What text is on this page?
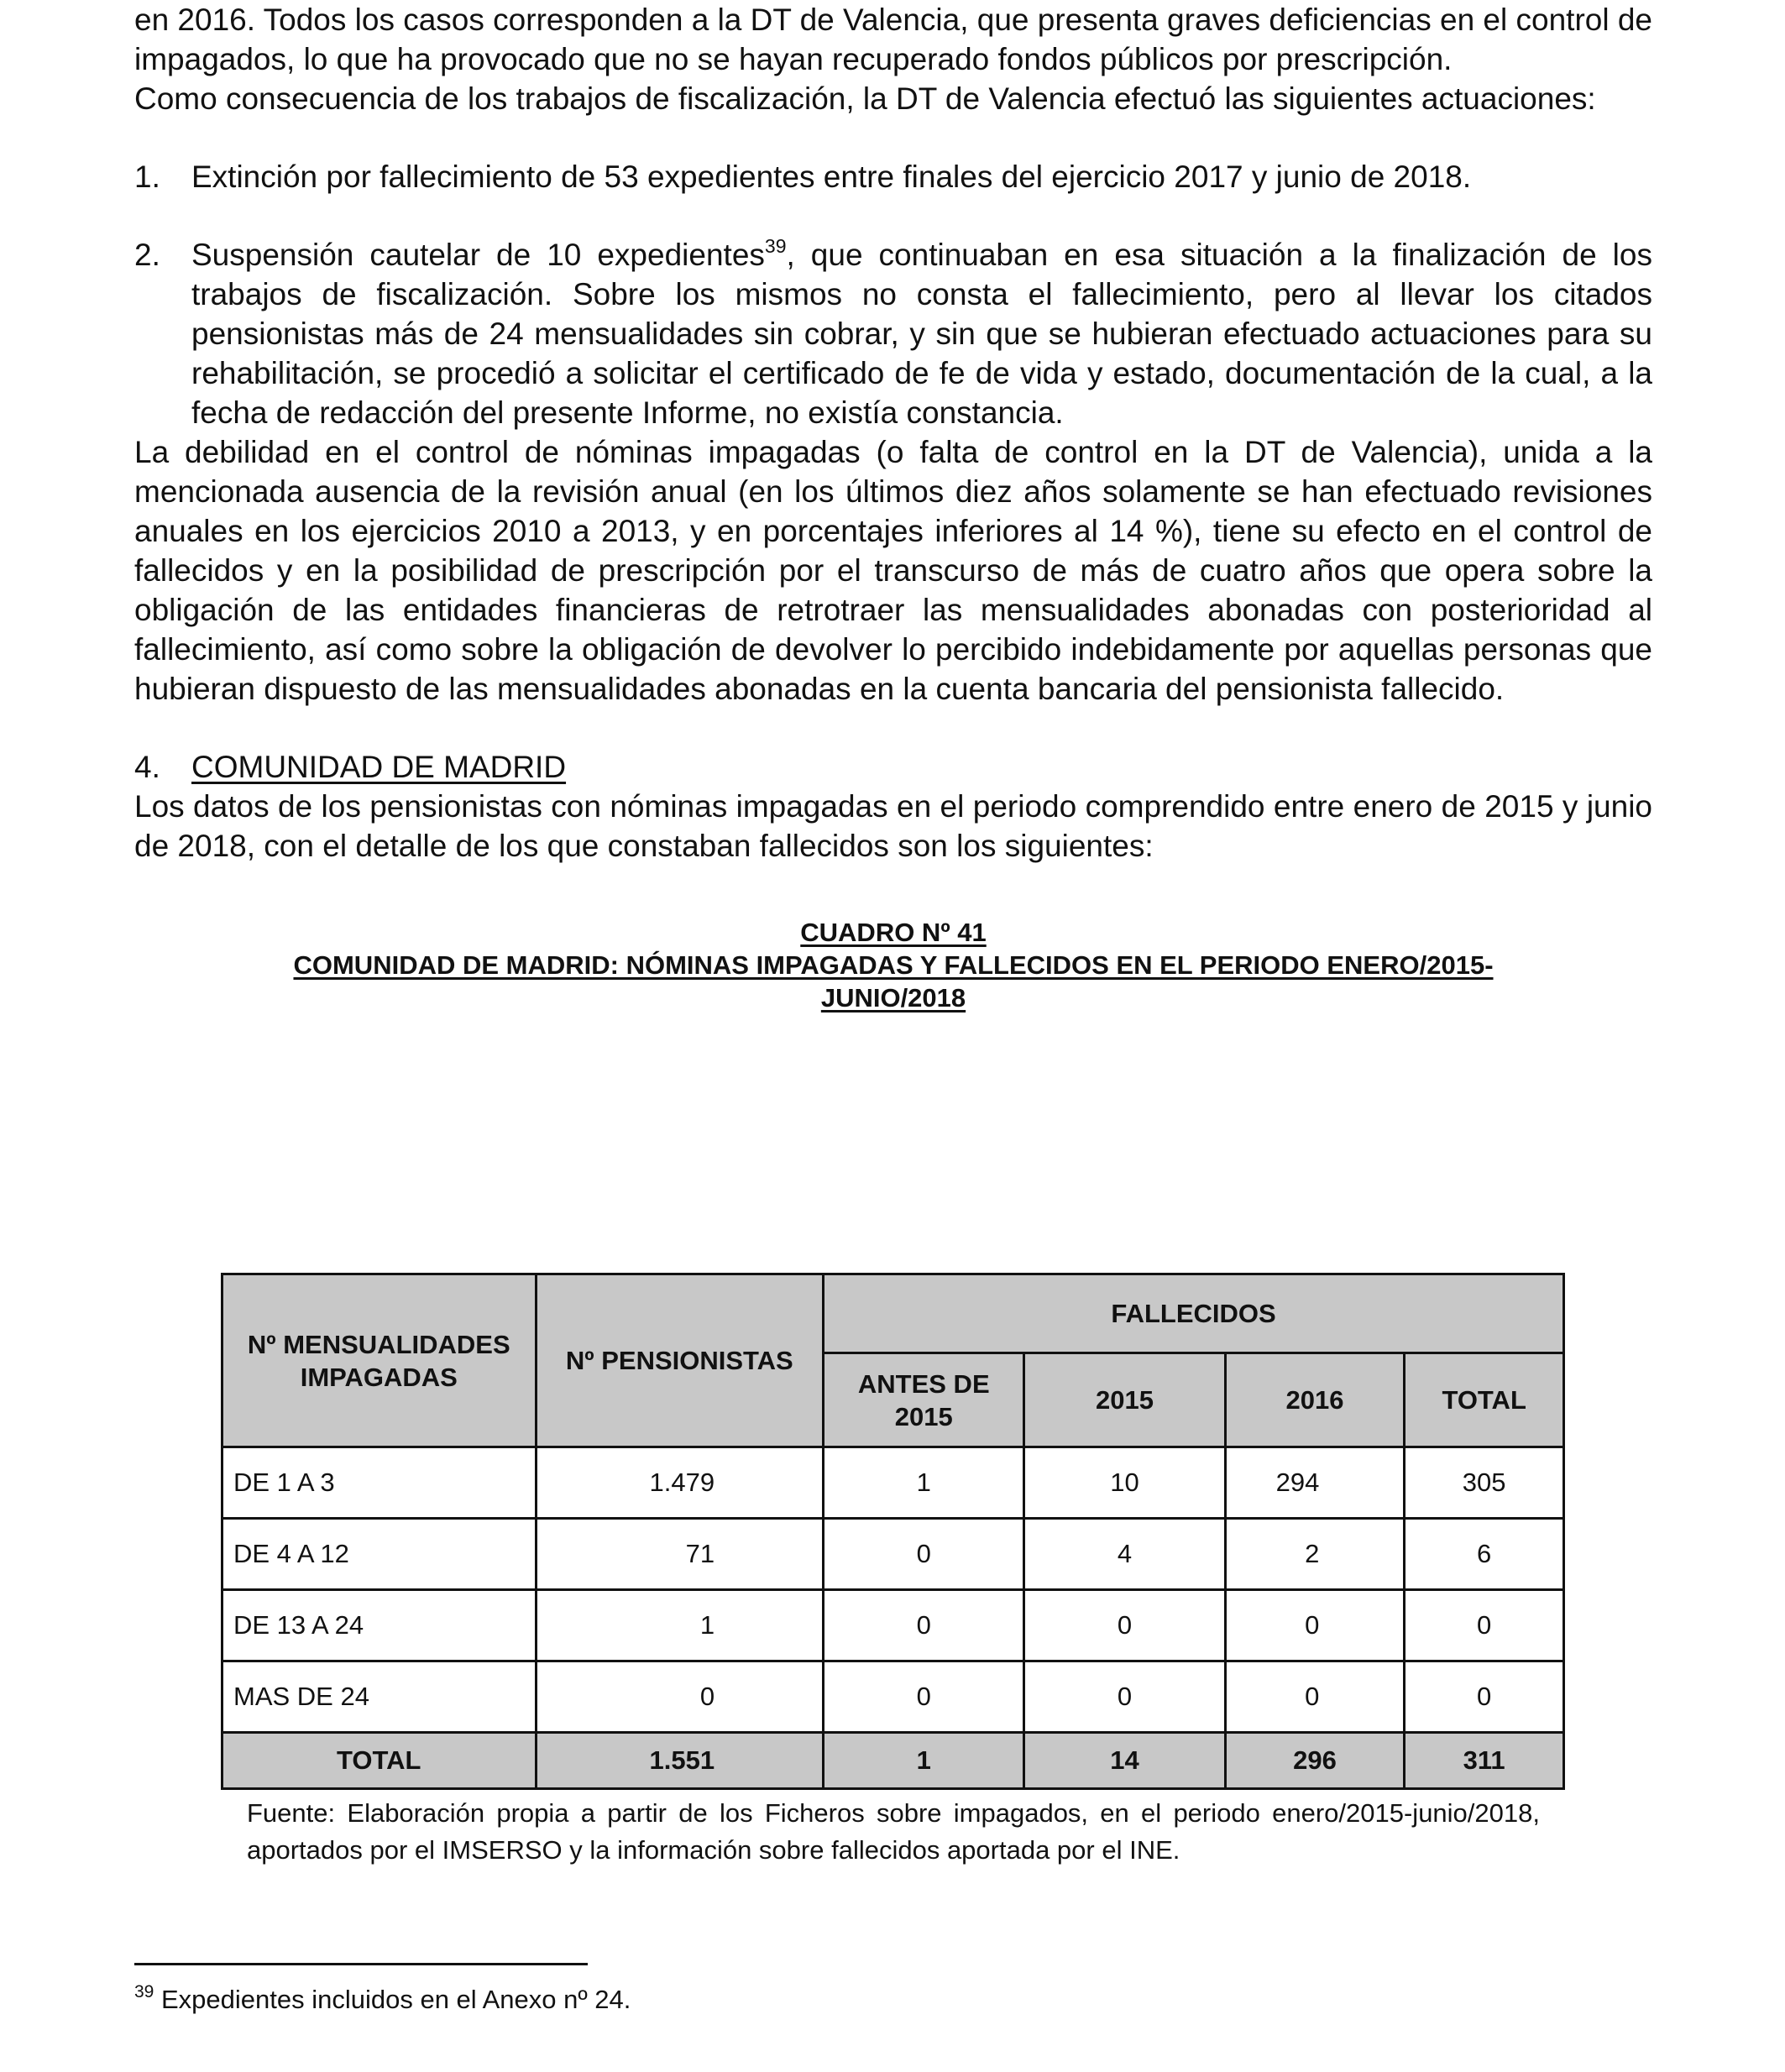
en 2016. Todos los casos corresponden a la DT de Valencia, que presenta graves deficiencias en el control de impagados, lo que ha provocado que no se hayan recuperado fondos públicos por prescripción.

Como consecuencia de los trabajos de fiscalización, la DT de Valencia efectuó las siguientes actuaciones:

1.	Extinción por fallecimiento de 53 expedientes entre finales del ejercicio 2017 y junio de 2018.
2.	Suspensión cautelar de 10 expedientes$^{39}$, que continuaban en esa situación a la finalización de los trabajos de fiscalización. Sobre los mismos no consta el fallecimiento, pero al llevar los citados pensionistas más de 24 mensualidades sin cobrar, y sin que se hubieran efectuado actuaciones para su rehabilitación, se procedió a solicitar el certificado de fe de vida y estado, documentación de la cual, a la fecha de redacción del presente Informe, no existía constancia.

La debilidad en el control de nóminas impagadas (o falta de control en la DT de Valencia), unida a la mencionada ausencia de la revisión anual (en los últimos diez años solamente se han efectuado revisiones anuales en los ejercicios 2010 a 2013, y en porcentajes inferiores al 14 %), tiene su efecto en el control de fallecidos y en la posibilidad de prescripción por el transcurso de más de cuatro años que opera sobre la obligación de las entidades financieras de retrotraer las mensualidades abonadas con posterioridad al fallecimiento, así como sobre la obligación de devolver lo percibido indebidamente por aquellas personas que hubieran dispuesto de las mensualidades abonadas en la cuenta bancaria del pensionista fallecido.

4.	COMUNIDAD DE MADRID

Los datos de los pensionistas con nóminas impagadas en el periodo comprendido entre enero de 2015 y junio de 2018, con el detalle de los que constaban fallecidos son los siguientes:

CUADRO Nº 41
COMUNIDAD DE MADRID: NÓMINAS IMPAGADAS Y FALLECIDOS EN EL PERIODO ENERO/2015-JUNIO/2018
Nº MENSUALIDADES IMPAGADAS	Nº PENSIONISTAS	FALLECIDOS			
		ANTES DE 2015	2015	2016	TOTAL
DE 1 A 3	1.479	1	10	294	305
DE 4 A 12	71	0	4	2	6
DE 13 A 24	1	0	0	0	0
MAS DE 24	0	0	0	0	0
TOTAL	1.551	1	14	296	311
Fuente: Elaboración propia a partir de los Ficheros sobre impagados, en el periodo enero/2015-junio/2018, aportados por el IMSERSO y la información sobre fallecidos aportada por el INE.
$^{39}$ Expedientes incluidos en el Anexo nº 24.
